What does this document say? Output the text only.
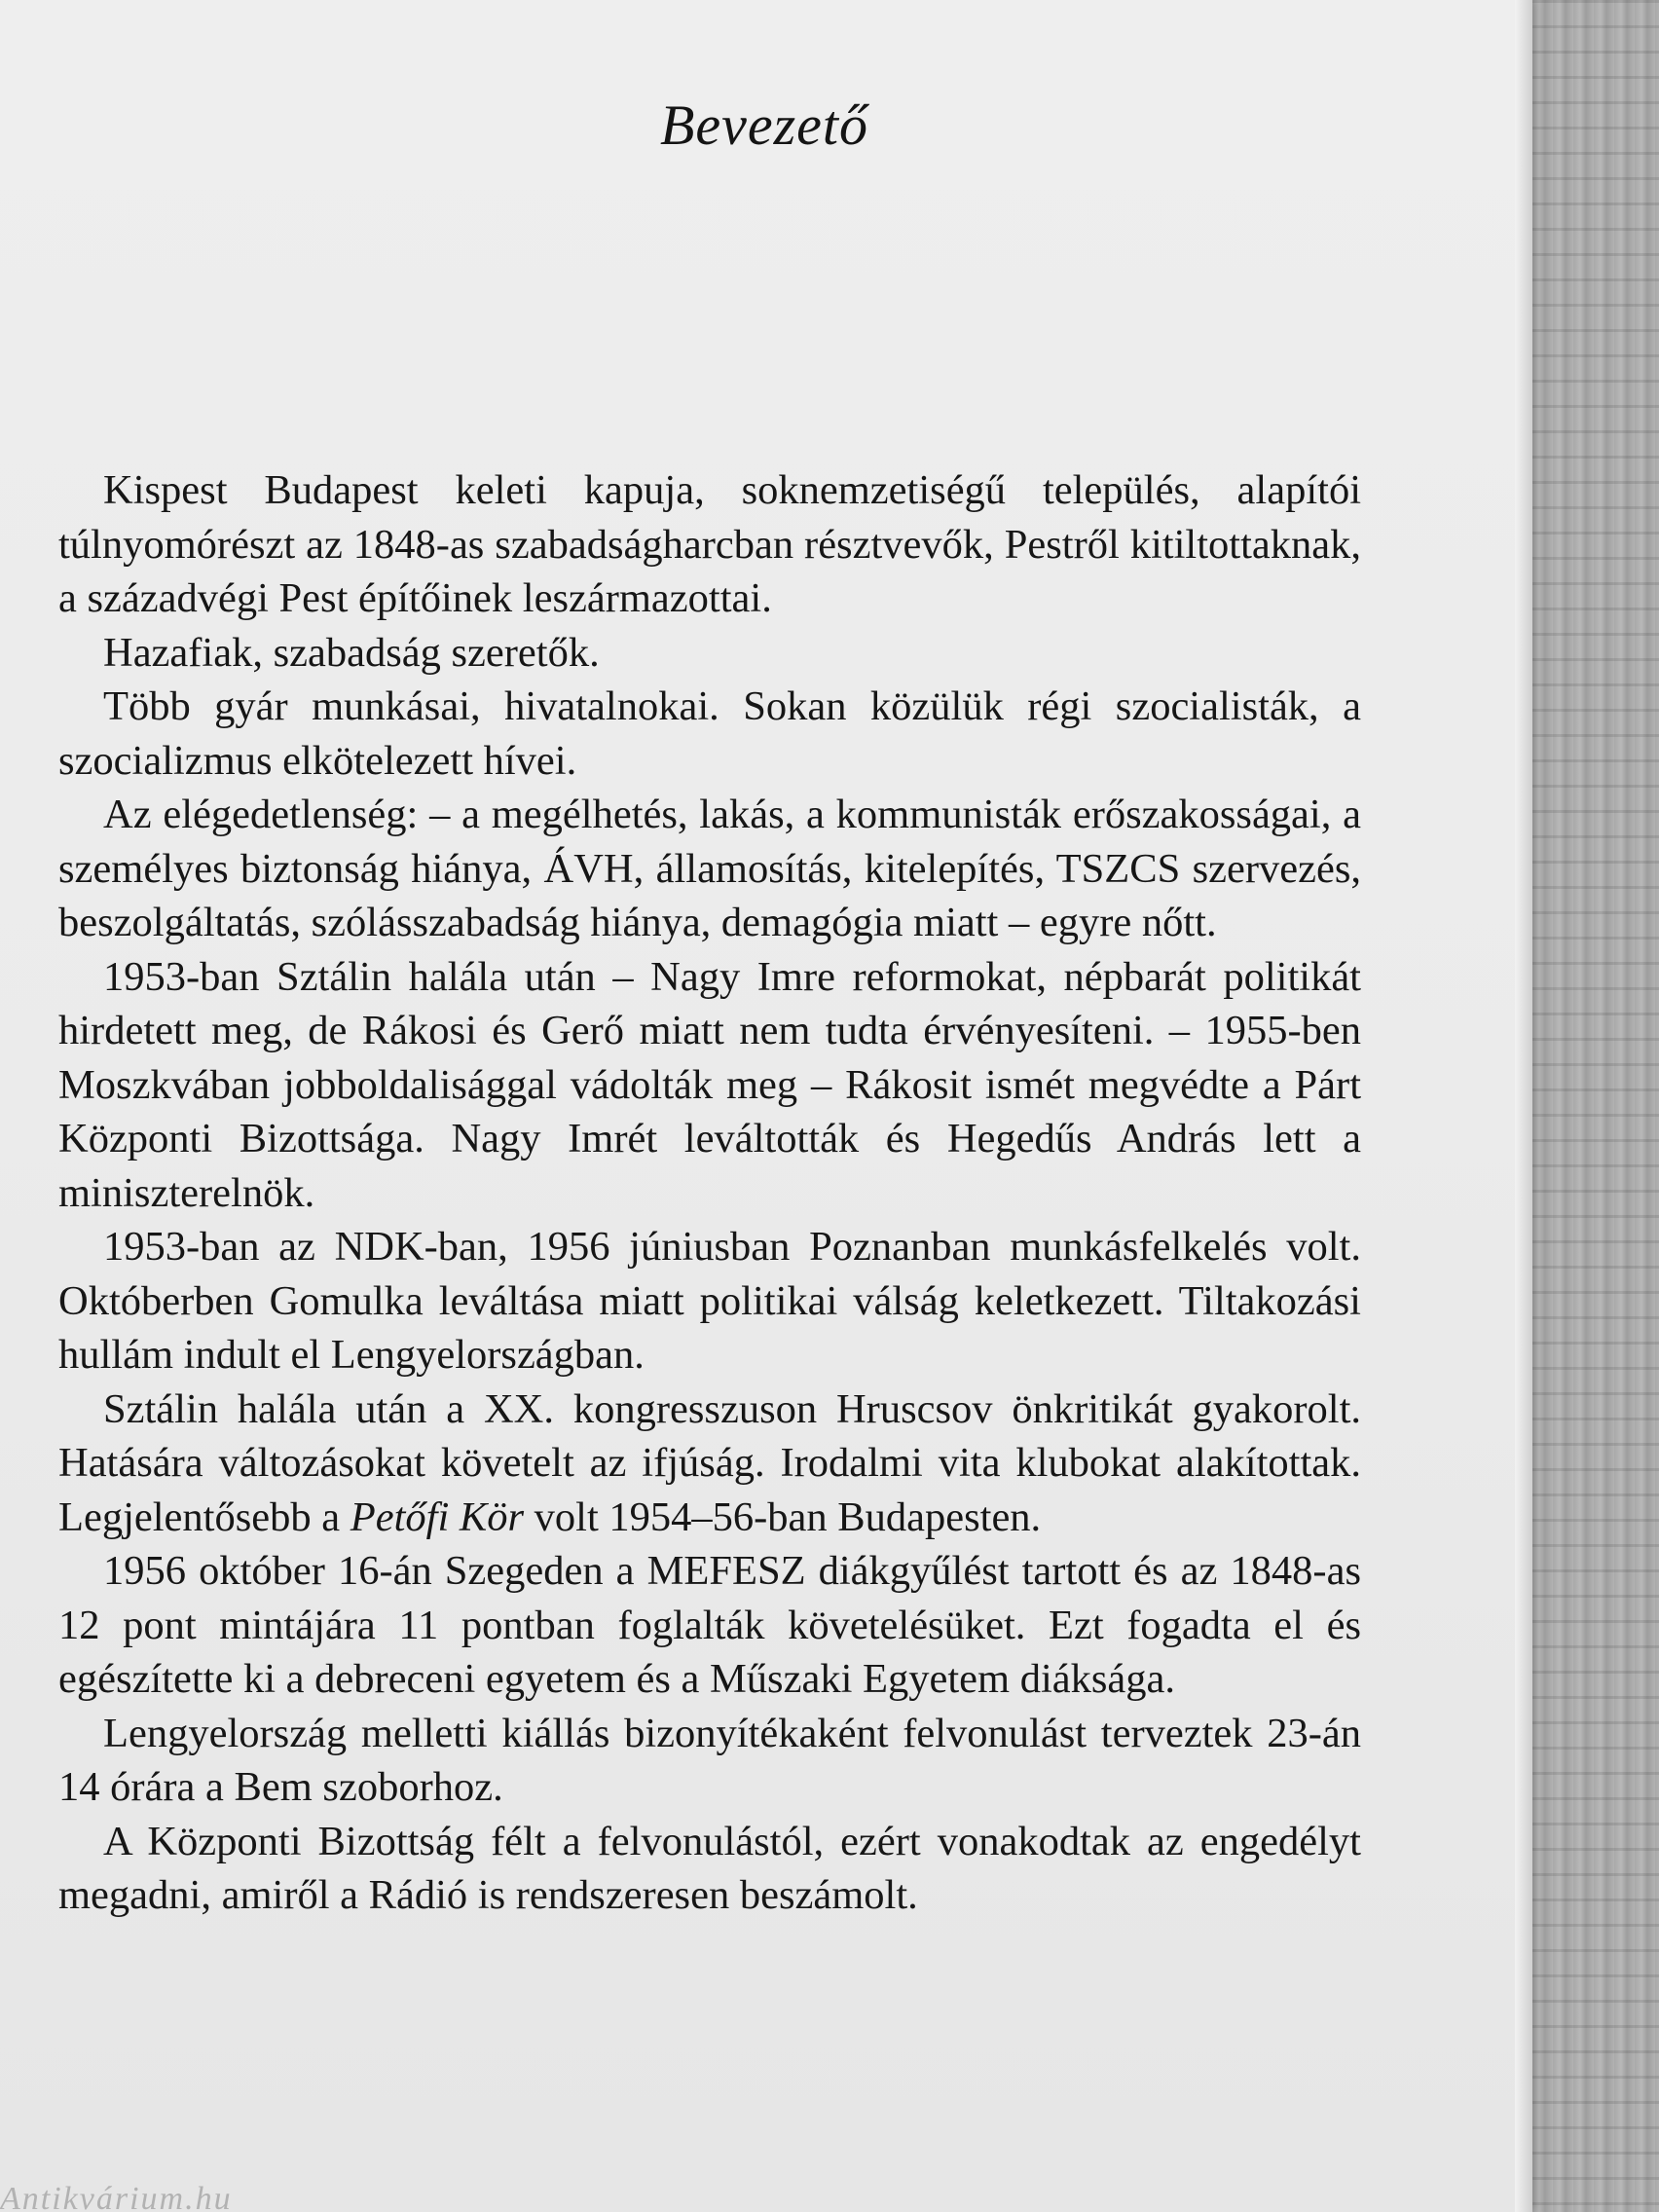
Bevezető

Kispest Budapest keleti kapuja, soknemzetiségű település, alapítói túlnyomórészt az 1848-as szabadságharcban résztvevők, Pestről kitiltottaknak, a századvégi Pest építőinek leszármazottai.

Hazafiak, szabadság szeretők.

Több gyár munkásai, hivatalnokai. Sokan közülük régi szocialisták, a szocializmus elkötelezett hívei.

Az elégedetlenség: – a megélhetés, lakás, a kommunisták erőszakosságai, a személyes biztonság hiánya, ÁVH, államosítás, kitelepítés, TSZCS szervezés, beszolgáltatás, szólásszabadság hiánya, demagógia miatt – egyre nőtt.

1953-ban Sztálin halála után – Nagy Imre reformokat, népbarát politikát hirdetett meg, de Rákosi és Gerő miatt nem tudta érvényesíteni. – 1955-ben Moszkvában jobboldalisággal vádolták meg – Rákosit ismét megvédte a Párt Központi Bizottsága. Nagy Imrét leváltották és Hegedűs András lett a miniszterelnök.

1953-ban az NDK-ban, 1956 júniusban Poznanban munkásfelkelés volt. Októberben Gomulka leváltása miatt politikai válság keletkezett. Tiltakozási hullám indult el Lengyelországban.

Sztálin halála után a XX. kongresszuson Hruscsov önkritikát gyakorolt. Hatására változásokat követelt az ifjúság. Irodalmi vita klubokat alakítottak. Legjelentősebb a Petőfi Kör volt 1954–56-ban Budapesten.

1956 október 16-án Szegeden a MEFESZ diákgyűlést tartott és az 1848-as 12 pont mintájára 11 pontban foglalták követelésüket. Ezt fogadta el és egészítette ki a debreceni egyetem és a Műszaki Egyetem diáksága.

Lengyelország melletti kiállás bizonyítékaként felvonulást terveztek 23-án 14 órára a Bem szoborhoz.

A Központi Bizottság félt a felvonulástól, ezért vonakodtak az engedélyt megadni, amiről a Rádió is rendszeresen beszámolt.

Antikvárium.hu
